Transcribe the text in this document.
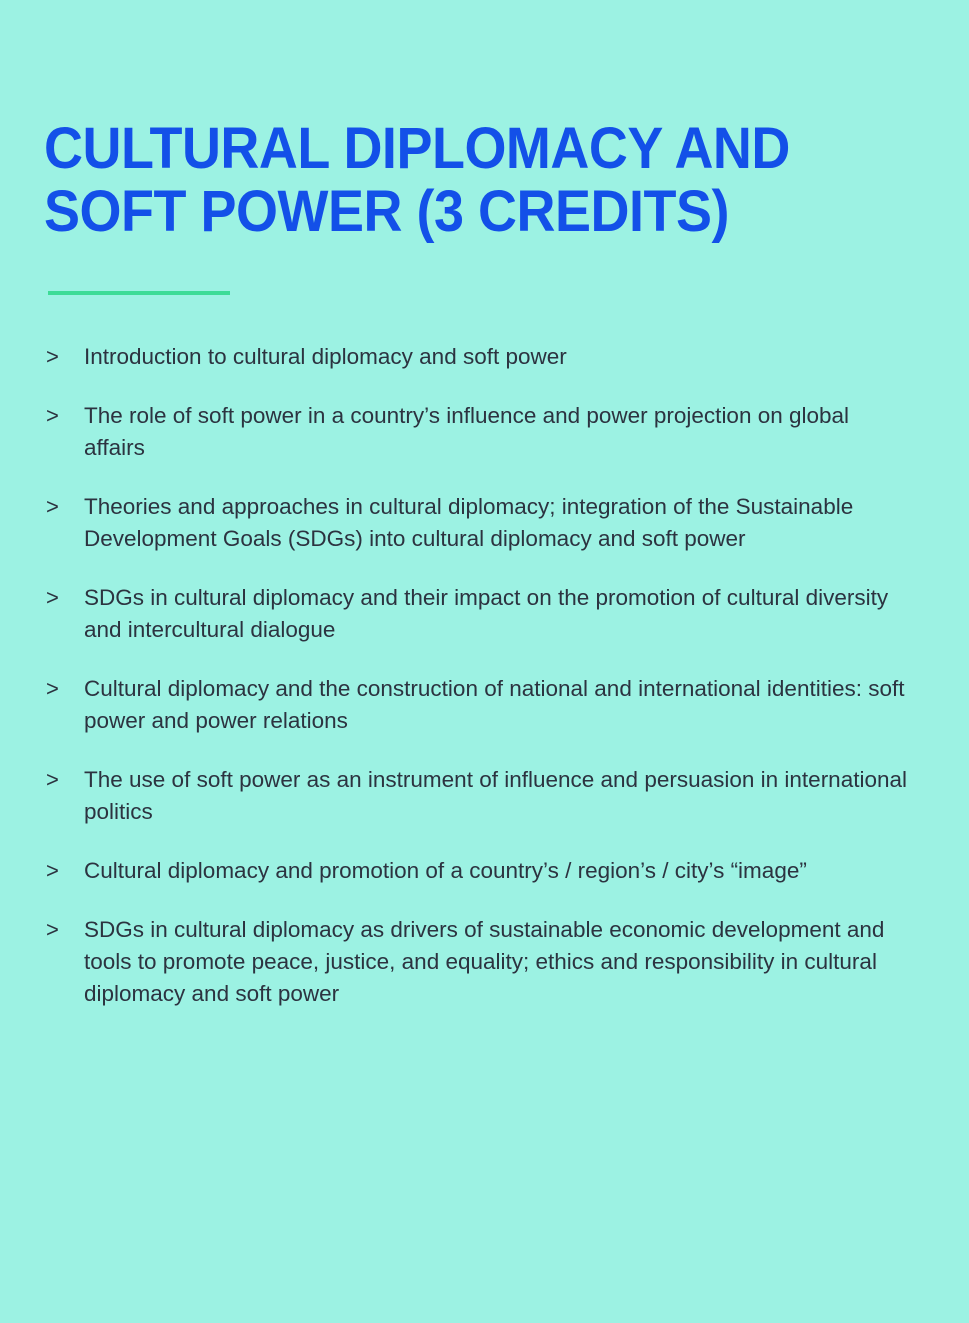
CULTURAL DIPLOMACY AND SOFT POWER (3 CREDITS)
>	Introduction to cultural diplomacy and soft power
>	The role of soft power in a country’s influence and power projection on global affairs
>	Theories and approaches in cultural diplomacy; integration of the Sustainable Development Goals (SDGs) into cultural diplomacy and soft power
>	SDGs in cultural diplomacy and their impact on the promotion of cultural diversity and intercultural dialogue
>	Cultural diplomacy and the construction of national and international identities: soft power and power relations
>	The use of soft power as an instrument of influence and persuasion in international politics
>	Cultural diplomacy and promotion of a country’s / region’s / city’s “image”
>	SDGs in cultural diplomacy as drivers of sustainable economic development and tools to promote peace, justice, and equality; ethics and responsibility in cultural diplomacy and soft power
